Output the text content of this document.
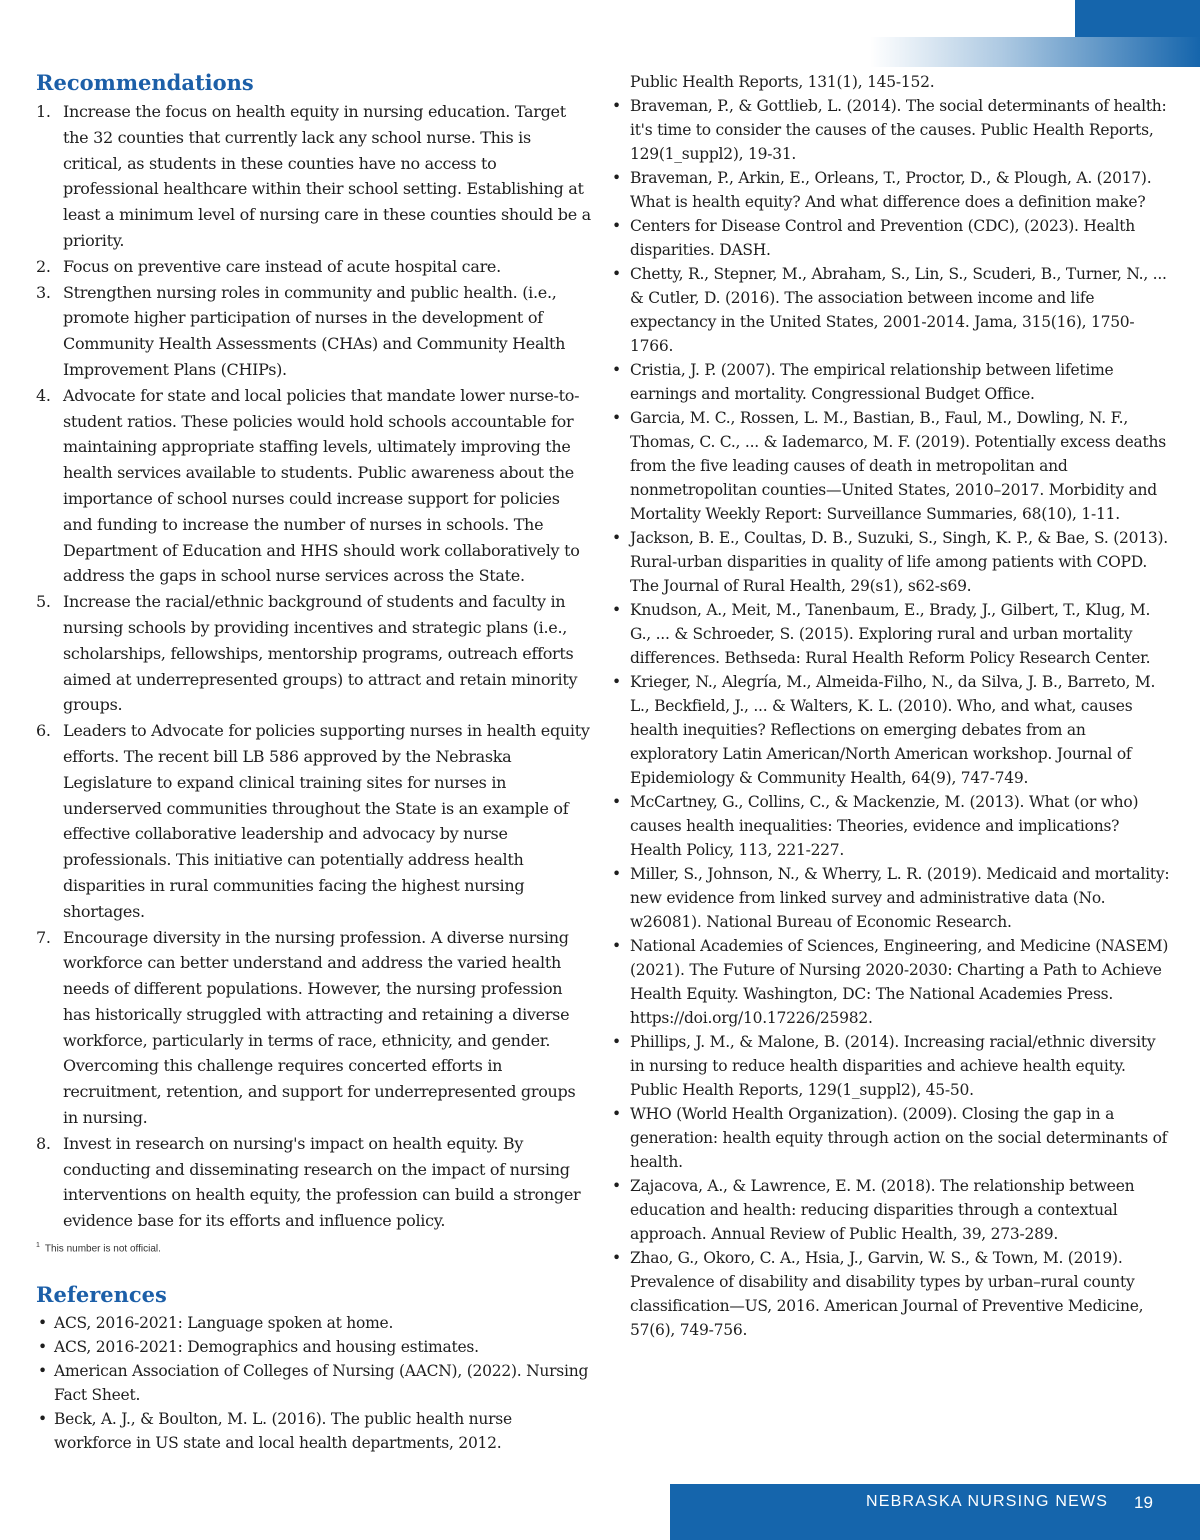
Recommendations
1. Increase the focus on health equity in nursing education. Target the 32 counties that currently lack any school nurse. This is critical, as students in these counties have no access to professional healthcare within their school setting. Establishing at least a minimum level of nursing care in these counties should be a priority.
2. Focus on preventive care instead of acute hospital care.
3. Strengthen nursing roles in community and public health. (i.e., promote higher participation of nurses in the development of Community Health Assessments (CHAs) and Community Health Improvement Plans (CHIPs).
4. Advocate for state and local policies that mandate lower nurse-to-student ratios. These policies would hold schools accountable for maintaining appropriate staffing levels, ultimately improving the health services available to students. Public awareness about the importance of school nurses could increase support for policies and funding to increase the number of nurses in schools. The Department of Education and HHS should work collaboratively to address the gaps in school nurse services across the State.
5. Increase the racial/ethnic background of students and faculty in nursing schools by providing incentives and strategic plans (i.e., scholarships, fellowships, mentorship programs, outreach efforts aimed at underrepresented groups) to attract and retain minority groups.
6. Leaders to Advocate for policies supporting nurses in health equity efforts. The recent bill LB 586 approved by the Nebraska Legislature to expand clinical training sites for nurses in underserved communities throughout the State is an example of effective collaborative leadership and advocacy by nurse professionals. This initiative can potentially address health disparities in rural communities facing the highest nursing shortages.
7. Encourage diversity in the nursing profession. A diverse nursing workforce can better understand and address the varied health needs of different populations. However, the nursing profession has historically struggled with attracting and retaining a diverse workforce, particularly in terms of race, ethnicity, and gender. Overcoming this challenge requires concerted efforts in recruitment, retention, and support for underrepresented groups in nursing.
8. Invest in research on nursing's impact on health equity. By conducting and disseminating research on the impact of nursing interventions on health equity, the profession can build a stronger evidence base for its efforts and influence policy.
$^1$ This number is not official.
References
• ACS, 2016-2021: Language spoken at home.
• ACS, 2016-2021: Demographics and housing estimates.
• American Association of Colleges of Nursing (AACN), (2022). Nursing Fact Sheet.
• Beck, A. J., & Boulton, M. L. (2016). The public health nurse workforce in US state and local health departments, 2012.
Public Health Reports, 131(1), 145-152.
• Braveman, P., & Gottlieb, L. (2014). The social determinants of health: it's time to consider the causes of the causes. Public Health Reports, 129(1_suppl2), 19-31.
• Braveman, P., Arkin, E., Orleans, T., Proctor, D., & Plough, A. (2017). What is health equity? And what difference does a definition make?
• Centers for Disease Control and Prevention (CDC), (2023). Health disparities. DASH.
• Chetty, R., Stepner, M., Abraham, S., Lin, S., Scuderi, B., Turner, N., ... & Cutler, D. (2016). The association between income and life expectancy in the United States, 2001-2014. Jama, 315(16), 1750-1766.
• Cristia, J. P. (2007). The empirical relationship between lifetime earnings and mortality. Congressional Budget Office.
• Garcia, M. C., Rossen, L. M., Bastian, B., Faul, M., Dowling, N. F., Thomas, C. C., ... & Iademarco, M. F. (2019). Potentially excess deaths from the five leading causes of death in metropolitan and nonmetropolitan counties—United States, 2010–2017. Morbidity and Mortality Weekly Report: Surveillance Summaries, 68(10), 1-11.
• Jackson, B. E., Coultas, D. B., Suzuki, S., Singh, K. P., & Bae, S. (2013). Rural-urban disparities in quality of life among patients with COPD. The Journal of Rural Health, 29(s1), s62-s69.
• Knudson, A., Meit, M., Tanenbaum, E., Brady, J., Gilbert, T., Klug, M. G., ... & Schroeder, S. (2015). Exploring rural and urban mortality differences. Bethseda: Rural Health Reform Policy Research Center.
• Krieger, N., Alegría, M., Almeida-Filho, N., da Silva, J. B., Barreto, M. L., Beckfield, J., ... & Walters, K. L. (2010). Who, and what, causes health inequities? Reflections on emerging debates from an exploratory Latin American/North American workshop. Journal of Epidemiology & Community Health, 64(9), 747-749.
• McCartney, G., Collins, C., & Mackenzie, M. (2013). What (or who) causes health inequalities: Theories, evidence and implications? Health Policy, 113, 221-227.
• Miller, S., Johnson, N., & Wherry, L. R. (2019). Medicaid and mortality: new evidence from linked survey and administrative data (No. w26081). National Bureau of Economic Research.
• National Academies of Sciences, Engineering, and Medicine (NASEM) (2021). The Future of Nursing 2020-2030: Charting a Path to Achieve Health Equity. Washington, DC: The National Academies Press. https://doi.org/10.17226/25982.
• Phillips, J. M., & Malone, B. (2014). Increasing racial/ethnic diversity in nursing to reduce health disparities and achieve health equity. Public Health Reports, 129(1_suppl2), 45-50.
• WHO (World Health Organization). (2009). Closing the gap in a generation: health equity through action on the social determinants of health.
• Zajacova, A., & Lawrence, E. M. (2018). The relationship between education and health: reducing disparities through a contextual approach. Annual Review of Public Health, 39, 273-289.
• Zhao, G., Okoro, C. A., Hsia, J., Garvin, W. S., & Town, M. (2019). Prevalence of disability and disability types by urban–rural county classification—US, 2016. American Journal of Preventive Medicine, 57(6), 749-756.
NEBRASKA NURSING NEWS 19
